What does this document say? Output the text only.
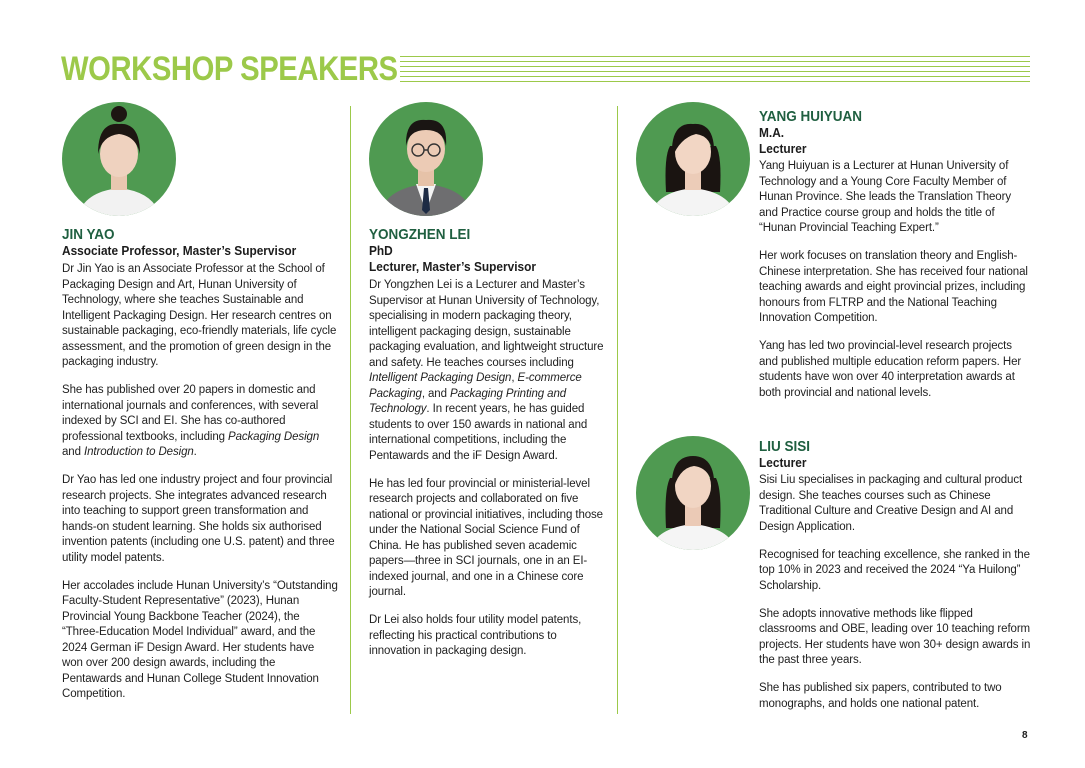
WORKSHOP SPEAKERS
JIN YAO
Associate Professor, Master’s Supervisor

Dr Jin Yao is an Associate Professor at the School of Packaging Design and Art, Hunan University of Technology, where she teaches Sustainable and Intelligent Packaging Design. Her research centres on sustainable packaging, eco-friendly materials, life cycle assessment, and the promotion of green design in the packaging industry.

She has published over 20 papers in domestic and international journals and conferences, with several indexed by SCI and EI. She has co-authored professional textbooks, including Packaging Design and Introduction to Design.

Dr Yao has led one industry project and four provincial research projects. She integrates advanced research into teaching to support green transformation and hands-on student learning. She holds six authorised invention patents (including one U.S. patent) and three utility model patents.

Her accolades include Hunan University’s “Outstanding Faculty-Student Representative” (2023), Hunan Provincial Young Backbone Teacher (2024), the “Three-Education Model Individual” award, and the 2024 German iF Design Award. Her students have won over 200 design awards, including the Pentawards and Hunan College Student Innovation Competition.

YONGZHEN LEI
PhD
Lecturer, Master’s Supervisor

Dr Yongzhen Lei is a Lecturer and Master’s Supervisor at Hunan University of Technology, specialising in modern packaging theory, intelligent packaging design, sustainable packaging evaluation, and lightweight structure and safety. He teaches courses including Intelligent Packaging Design, E-commerce Packaging, and Packaging Printing and Technology. In recent years, he has guided students to over 150 awards in national and international competitions, including the Pentawards and the iF Design Award.

He has led four provincial or ministerial-level research projects and collaborated on five national or provincial initiatives, including those under the National Social Science Fund of China. He has published seven academic papers—three in SCI journals, one in an EI-indexed journal, and one in a Chinese core journal.

Dr Lei also holds four utility model patents, reflecting his practical contributions to innovation in packaging design.

YANG HUIYUAN
M.A.
Lecturer

Yang Huiyuan is a Lecturer at Hunan University of Technology and a Young Core Faculty Member of Hunan Province. She leads the Translation Theory and Practice course group and holds the title of “Hunan Provincial Teaching Expert.”

Her work focuses on translation theory and English-Chinese interpretation. She has received four national teaching awards and eight provincial prizes, including honours from FLTRP and the National Teaching Innovation Competition.

Yang has led two provincial-level research projects and published multiple education reform papers. Her students have won over 40 interpretation awards at both provincial and national levels.

LIU SISI
Lecturer

Sisi Liu specialises in packaging and cultural product design. She teaches courses such as Chinese Traditional Culture and Creative Design and AI and Design Application.

Recognised for teaching excellence, she ranked in the top 10% in 2023 and received the 2024 “Ya Huilong” Scholarship.

She adopts innovative methods like flipped classrooms and OBE, leading over 10 teaching reform projects. Her students have won 30+ design awards in the past three years.

She has published six papers, contributed to two monographs, and holds one national patent.

8
